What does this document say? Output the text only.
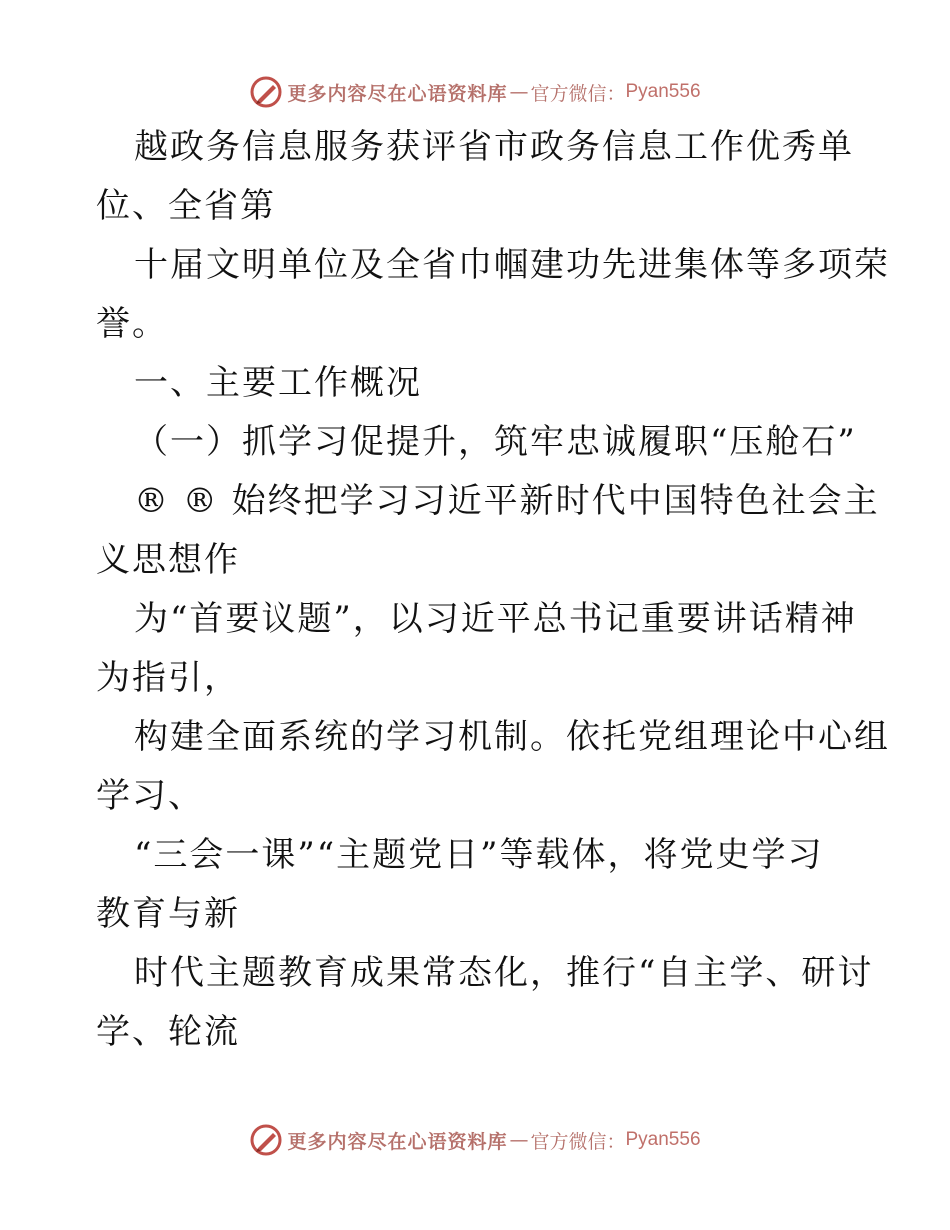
更多内容尽在心语资料库 — 官方微信： Pyan556
越政务信息服务获评省市政务信息工作优秀单
位、全省第
十届文明单位及全省巾帼建功先进集体等多项荣
誉。
一、主要工作概况
（一）抓学习促提升，筑牢忠诚履职“压舱石”
® ® 始终把学习习近平新时代中国特色社会主
义思想作
为“首要议题”，以习近平总书记重要讲话精神
为指引，
构建全面系统的学习机制。依托党组理论中心组
学习、
“三会一课”“主题党日”等载体，将党史学习
教育与新
时代主题教育成果常态化，推行“自主学、研讨
学、轮流
更多内容尽在心语资料库 — 官方微信： Pyan556
